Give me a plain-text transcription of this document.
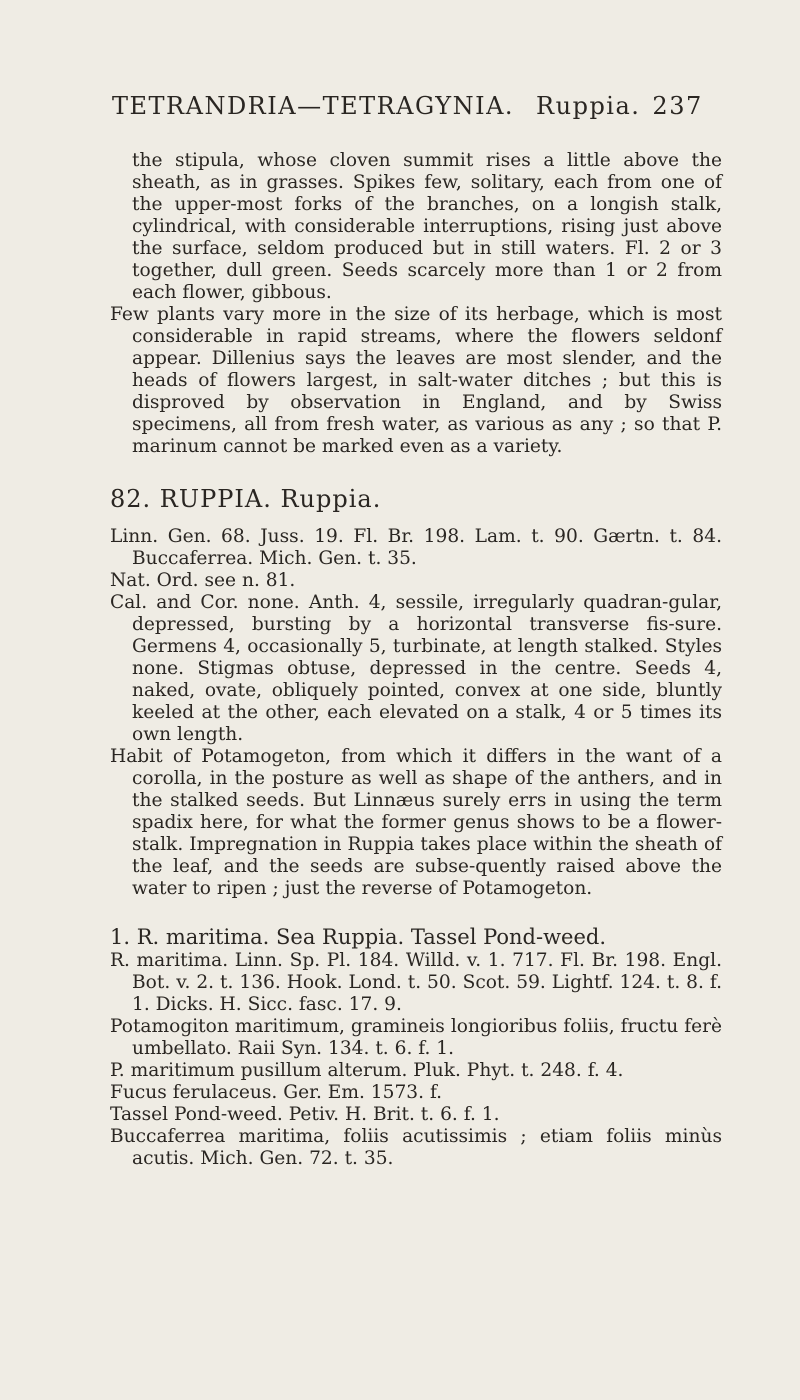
TETRANDRIA—TETRAGYNIA. Ruppia. 237

the stipula, whose cloven summit rises a little above the sheath, as in grasses. Spikes few, solitary, each from one of the upper-most forks of the branches, on a longish stalk, cylindrical, with considerable interruptions, rising just above the surface, seldom produced but in still waters. Fl. 2 or 3 together, dull green. Seeds scarcely more than 1 or 2 from each flower, gibbous.

Few plants vary more in the size of its herbage, which is most considerable in rapid streams, where the flowers seldonf appear. Dillenius says the leaves are most slender, and the heads of flowers largest, in salt-water ditches ; but this is disproved by observation in England, and by Swiss specimens, all from fresh water, as various as any ; so that P. marinum cannot be marked even as a variety.

82. RUPPIA. Ruppia.

Linn. Gen. 68. Juss. 19. Fl. Br. 198. Lam. t. 90. Gærtn. t. 84. Buccaferrea. Mich. Gen. t. 35.

Nat. Ord. see n. 81.

Cal. and Cor. none. Anth. 4, sessile, irregularly quadran-gular, depressed, bursting by a horizontal transverse fis-sure. Germens 4, occasionally 5, turbinate, at length stalked. Styles none. Stigmas obtuse, depressed in the centre. Seeds 4, naked, ovate, obliquely pointed, convex at one side, bluntly keeled at the other, each elevated on a stalk, 4 or 5 times its own length.

Habit of Potamogeton, from which it differs in the want of a corolla, in the posture as well as shape of the anthers, and in the stalked seeds. But Linnæus surely errs in using the term spadix here, for what the former genus shows to be a flower-stalk. Impregnation in Ruppia takes place within the sheath of the leaf, and the seeds are subse-quently raised above the water to ripen ; just the reverse of Potamogeton.

1. R. maritima. Sea Ruppia. Tassel Pond-weed.

R. maritima. Linn. Sp. Pl. 184. Willd. v. 1. 717. Fl. Br. 198. Engl. Bot. v. 2. t. 136. Hook. Lond. t. 50. Scot. 59. Lightf. 124. t. 8. f. 1. Dicks. H. Sicc. fasc. 17. 9.

Potamogiton maritimum, gramineis longioribus foliis, fructu ferè umbellato. Raii Syn. 134. t. 6. f. 1.

P. maritimum pusillum alterum. Pluk. Phyt. t. 248. f. 4.

Fucus ferulaceus. Ger. Em. 1573. f.

Tassel Pond-weed. Petiv. H. Brit. t. 6. f. 1.

Buccaferrea maritima, foliis acutissimis ; etiam foliis minùs acutis. Mich. Gen. 72. t. 35.
